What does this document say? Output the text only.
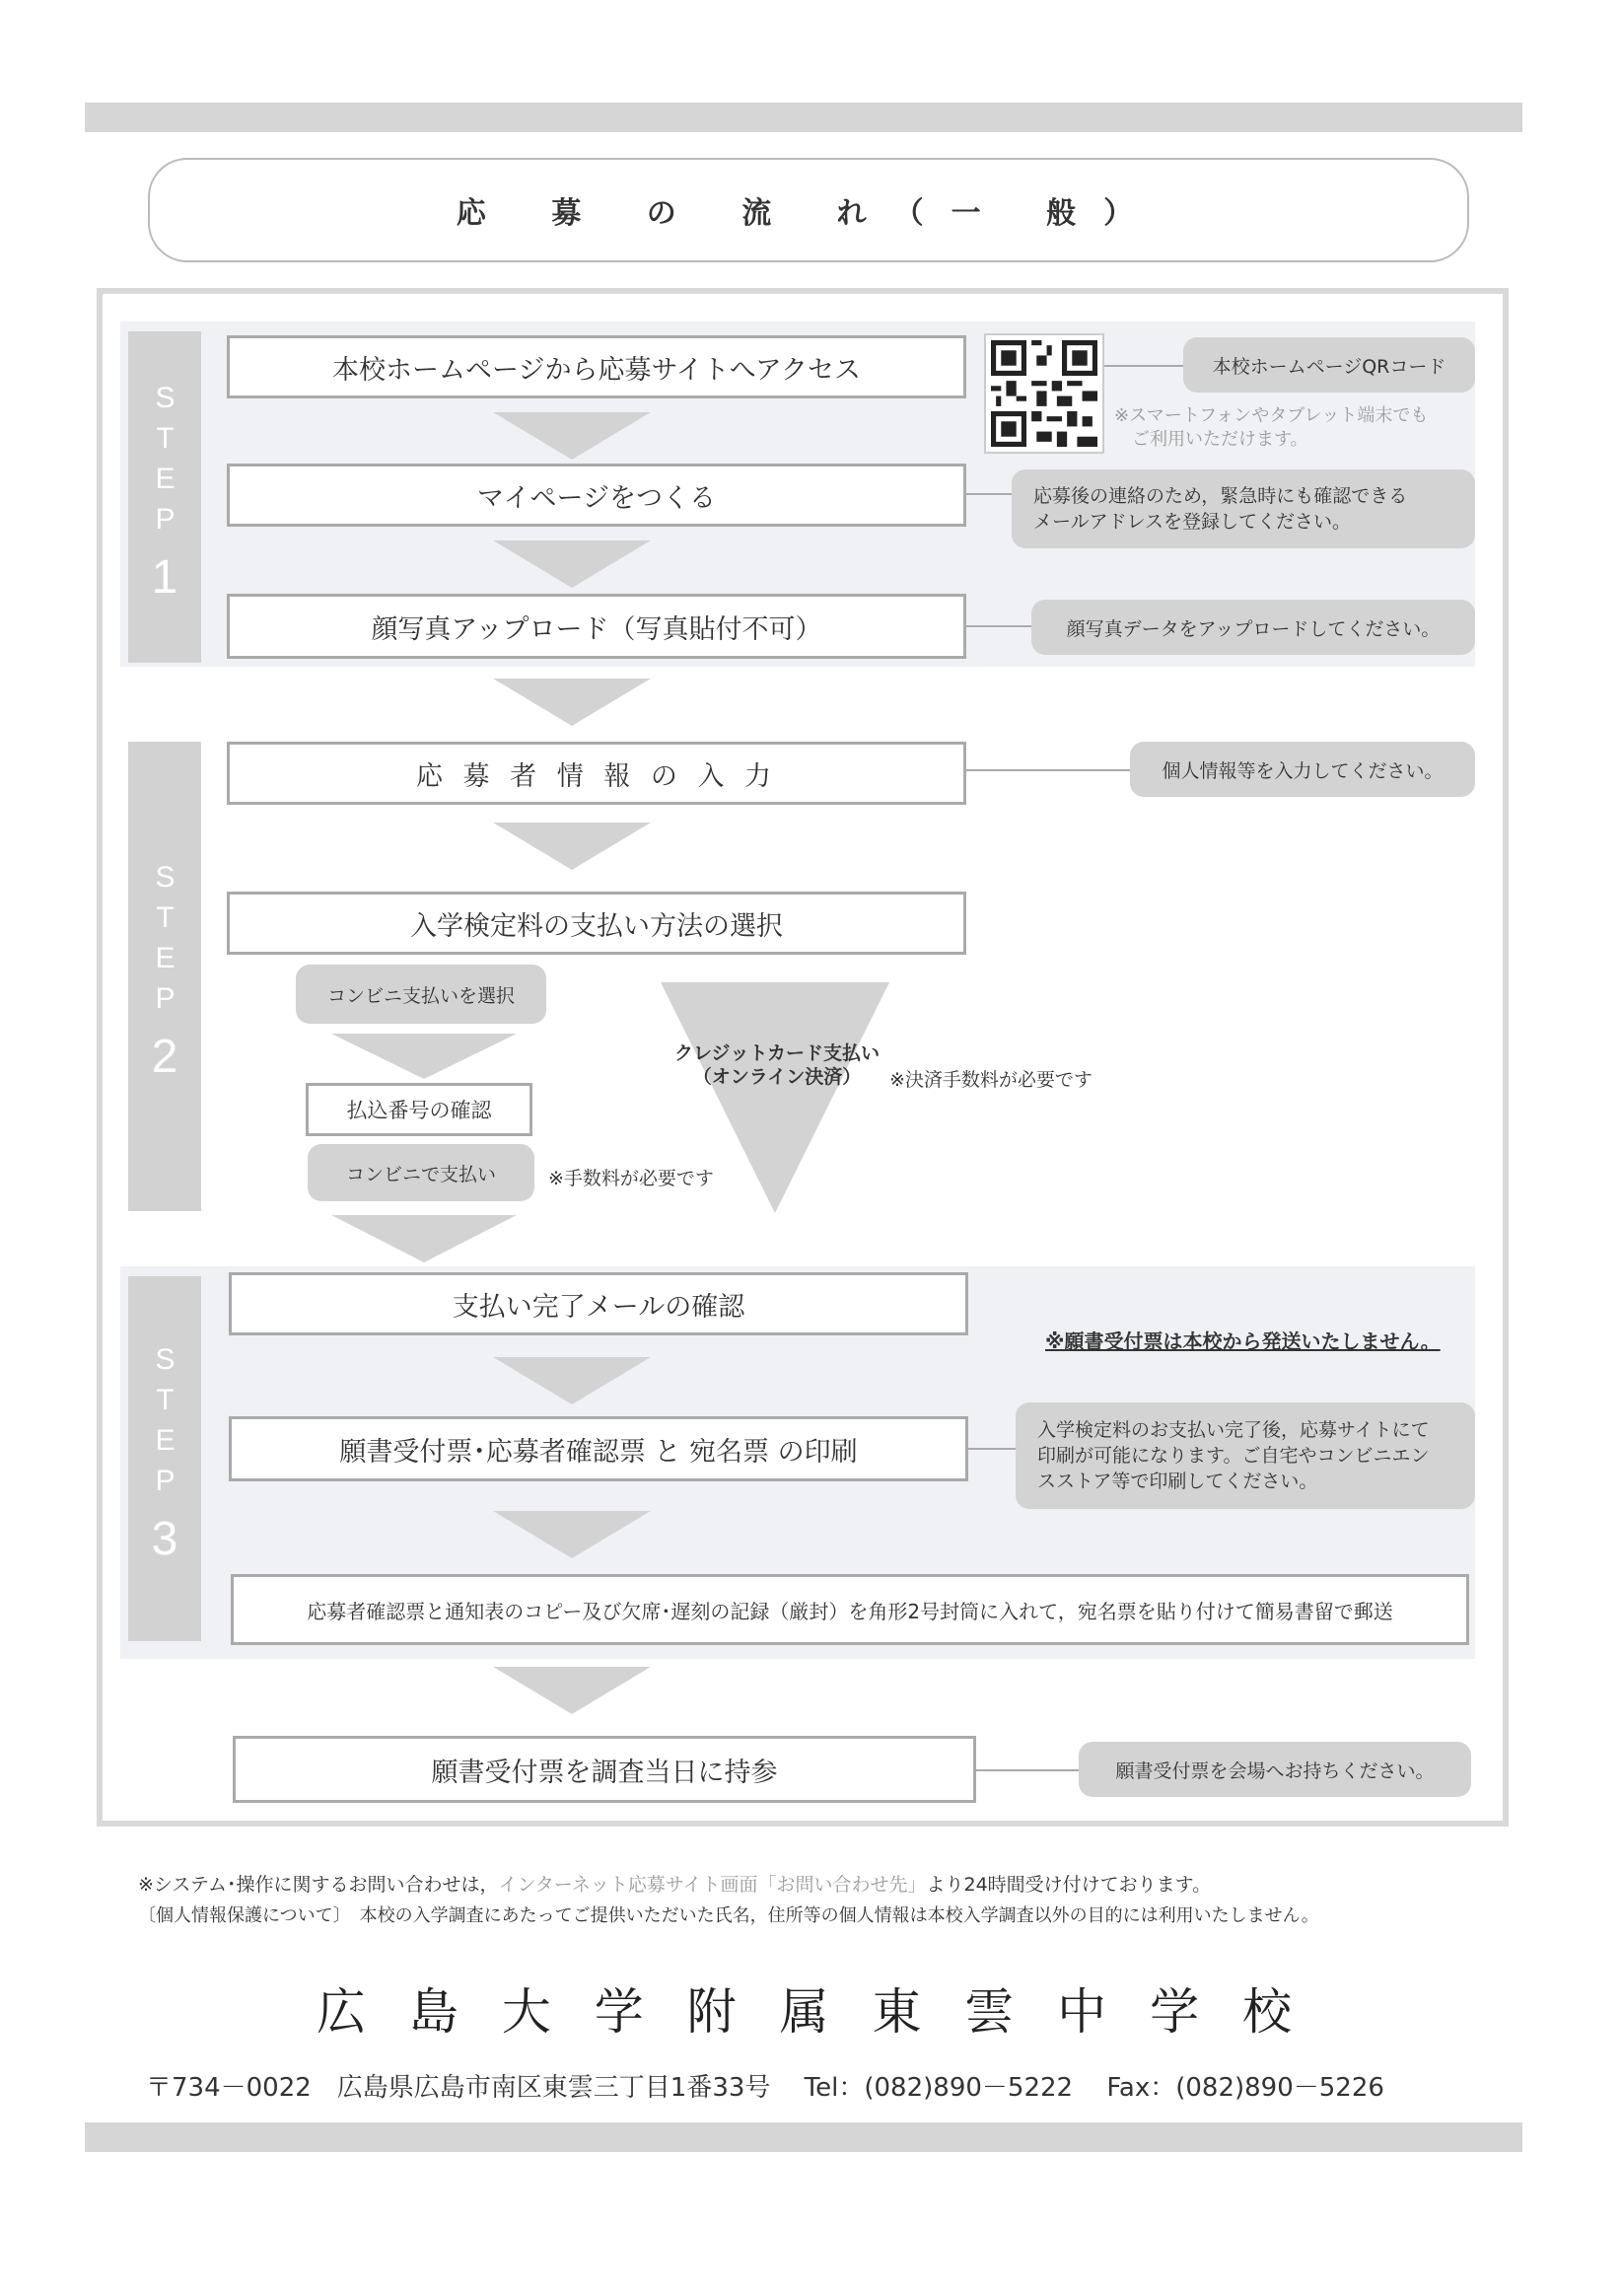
応 募 の 流 れ（一 般）
STEP
1
本校ホームページから応募サイトへアクセス	本校ホームページQRコード
※スマートフォンやタブレット端末でも
ご利用いただけます。
マイページをつくる	応募後の連絡のため，緊急時にも確認できる
メールアドレスを登録してください。
顔写真アップロード（写真貼付不可）	顔写真データをアップロードしてください。
STEP
2
応 募 者 情 報 の 入 力	個人情報等を入力してください。
入学検定料の支払い方法の選択
コンビニ支払いを選択
払込番号の確認
コンビニで支払い	※手数料が必要です
クレジットカード支払い
（オンライン決済）	※決済手数料が必要です
STEP
3
支払い完了メールの確認
※願書受付票は本校から発送いたしません。
願書受付票･応募者確認票 と 宛名票 の印刷
入学検定料のお支払い完了後，応募サイトにて
印刷が可能になります。ご自宅やコンビニエン
スストア等で印刷してください。
応募者確認票と通知表のコピー及び欠席･遅刻の記録（厳封）を角形2号封筒に入れて，宛名票を貼り付けて簡易書留で郵送
願書受付票を調査当日に持参	願書受付票を会場へお持ちください。
※システム･操作に関するお問い合わせは，インターネット応募サイト画面「お問い合わせ先」より24時間受け付けております。
〔個人情報保護について〕　本校の入学調査にあたってご提供いただいた氏名，住所等の個人情報は本校入学調査以外の目的には利用いたしません。
広 島 大 学 附 属 東 雲 中 学 校
〒734－0022　広島県広島市南区東雲三丁目1番33号　 Tel：(082)890－5222　 Fax：(082)890－5226
